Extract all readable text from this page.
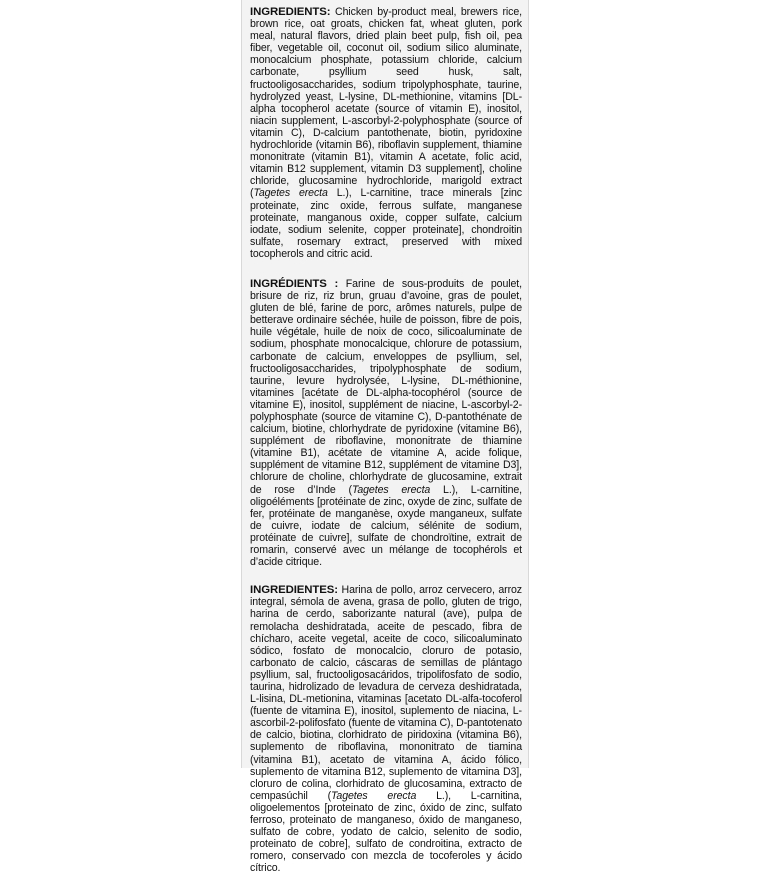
INGREDIENTS: Chicken by-product meal, brewers rice, brown rice, oat groats, chicken fat, wheat gluten, pork meal, natural flavors, dried plain beet pulp, fish oil, pea fiber, vegetable oil, coconut oil, sodium silico aluminate, monocalcium phosphate, potassium chloride, calcium carbonate, psyllium seed husk, salt, fructooligosaccharides, sodium tripolyphosphate, taurine, hydrolyzed yeast, L-lysine, DL-methionine, vitamins [DL-alpha tocopherol acetate (source of vitamin E), inositol, niacin supplement, L-ascorbyl-2-polyphosphate (source of vitamin C), D-calcium pantothenate, biotin, pyridoxine hydrochloride (vitamin B6), riboflavin supplement, thiamine mononitrate (vitamin B1), vitamin A acetate, folic acid, vitamin B12 supplement, vitamin D3 supplement], choline chloride, glucosamine hydrochloride, marigold extract (Tagetes erecta L.), L-carnitine, trace minerals [zinc proteinate, zinc oxide, ferrous sulfate, manganese proteinate, manganous oxide, copper sulfate, calcium iodate, sodium selenite, copper proteinate], chondroitin sulfate, rosemary extract, preserved with mixed tocopherols and citric acid.

INGRÉDIENTS : Farine de sous-produits de poulet, brisure de riz, riz brun, gruau d’avoine, gras de poulet, gluten de blé, farine de porc, arômes naturels, pulpe de betterave ordinaire séchée, huile de poisson, fibre de pois, huile végétale, huile de noix de coco, silicoaluminate de sodium, phosphate monocalcique, chlorure de potassium, carbonate de calcium, enveloppes de psyllium, sel, fructooligosaccharides, tripolyphosphate de sodium, taurine, levure hydrolysée, L-lysine, DL-méthionine, vitamines [acétate de DL-alpha-tocophérol (source de vitamine E), inositol, supplément de niacine, L-ascorbyl-2-polyphosphate (source de vitamine C), D-pantothénate de calcium, biotine, chlorhydrate de pyridoxine (vitamine B6), supplément de riboflavine, mononitrate de thiamine (vitamine B1), acétate de vitamine A, acide folique, supplément de vitamine B12, supplément de vitamine D3], chlorure de choline, chlorhydrate de glucosamine, extrait de rose d’Inde (Tagetes erecta L.), L-carnitine, oligoéléments [protéinate de zinc, oxyde de zinc, sulfate de fer, protéinate de manganèse, oxyde manganeux, sulfate de cuivre, iodate de calcium, sélénite de sodium, protéinate de cuivre], sulfate de chondroïtine, extrait de romarin, conservé avec un mélange de tocophérols et d’acide citrique.

INGREDIENTES: Harina de pollo, arroz cervecero, arroz integral, sémola de avena, grasa de pollo, gluten de trigo, harina de cerdo, saborizante natural (ave), pulpa de remolacha deshidratada, aceite de pescado, fibra de chícharo, aceite vegetal, aceite de coco, silicoaluminato sódico, fosfato de monocalcio, cloruro de potasio, carbonato de calcio, cáscaras de semillas de plántago psyllium, sal, fructooligosacáridos, tripolifosfato de sodio, taurina, hidrolizado de levadura de cerveza deshidratada, L-lisina, DL-metionina, vitaminas [acetato DL-alfa-tocoferol (fuente de vitamina E), inositol, suplemento de niacina, L-ascorbil-2-polifosfato (fuente de vitamina C), D-pantotenato de calcio, biotina, clorhidrato de piridoxina (vitamina B6), suplemento de riboflavina, mononitrato de tiamina (vitamina B1), acetato de vitamina A, ácido fólico, suplemento de vitamina B12, suplemento de vitamina D3], cloruro de colina, clorhidrato de glucosamina, extracto de cempasúchil (Tagetes erecta L.), L-carnitina, oligoelementos [proteinato de zinc, óxido de zinc, sulfato ferroso, proteinato de manganeso, óxido de manganeso, sulfato de cobre, yodato de calcio, selenito de sodio, proteinato de cobre], sulfato de condroitina, extracto de romero, conservado con mezcla de tocoferoles y ácido cítrico.
